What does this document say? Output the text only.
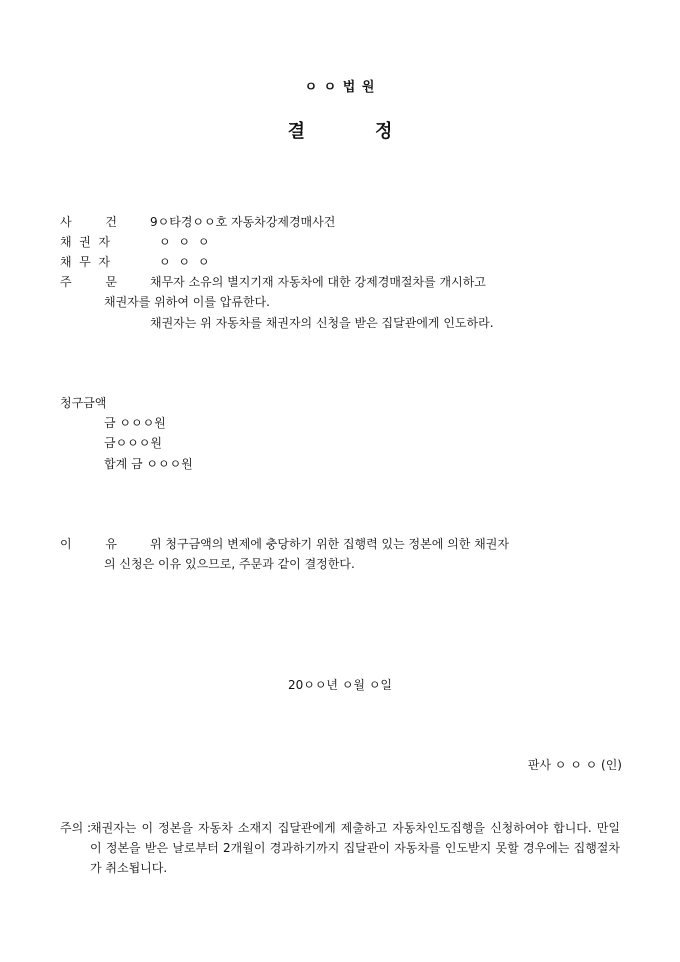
ㅇ ㅇ 법 원
결	정
사 건	9ㅇ타경ㅇㅇ호 자동차강제경매사건
채 권 자	ㅇ ㅇ ㅇ
채 무 자	ㅇ ㅇ ㅇ
주 문	채무자 소유의 별지기재 자동차에 대한 강제경매절차를 개시하고
채권자를 위하여 이를 압류한다.
채권자는 위 자동차를 채권자의 신청을 받은 집달관에게 인도하라.
청구금액
금 ㅇㅇㅇ원
금ㅇㅇㅇ원
합계 금 ㅇㅇㅇ원
이 유	위 청구금액의 변제에 충당하기 위한 집행력 있는 정본에 의한 채권자
의 신청은 이유 있으므로, 주문과 같이 결정한다.
20ㅇㅇ년 ㅇ월 ㅇ일
판사 ㅇ ㅇ ㅇ (인)
주의 :
채권자는 이 정본을 자동차 소재지 집달관에게 제출하고 자동차인도집행을 신청하여야 합니다. 만일 이 정본을 받은 날로부터 2개월이 경과하기까지 집달관이 자동차를 인도받지 못할 경우에는 집행절차가 취소됩니다.
